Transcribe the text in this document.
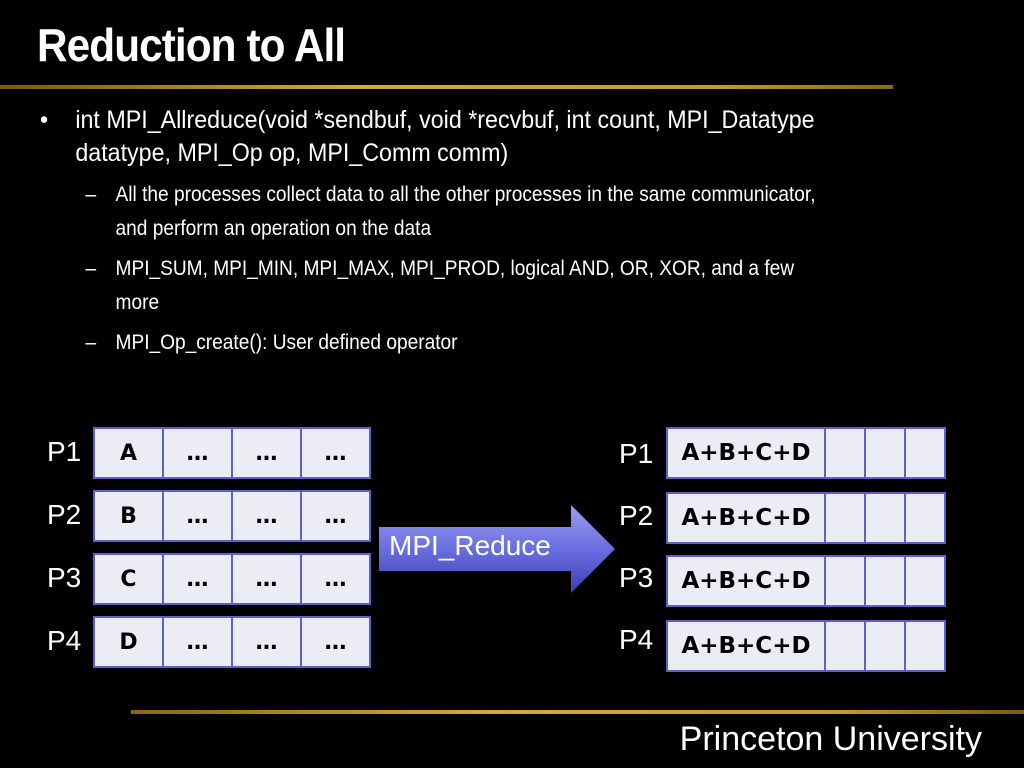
Reduction to All
• int MPI_Allreduce(void *sendbuf, void *recvbuf, int count, MPI_Datatype
datatype, MPI_Op op, MPI_Comm comm)
– All the processes collect data to all the other processes in the same communicator,
and perform an operation on the data
– MPI_SUM, MPI_MIN, MPI_MAX, MPI_PROD, logical AND, OR, XOR, and a few
more
– MPI_Op_create(): User defined operator
P1	A	…	…	…
P2	B	…	…	…
P3	C	…	…	…
P4	D	…	…	…
MPI_Reduce
P1	A+B+C+D
P2	A+B+C+D
P3	A+B+C+D
P4	A+B+C+D
Princeton University
